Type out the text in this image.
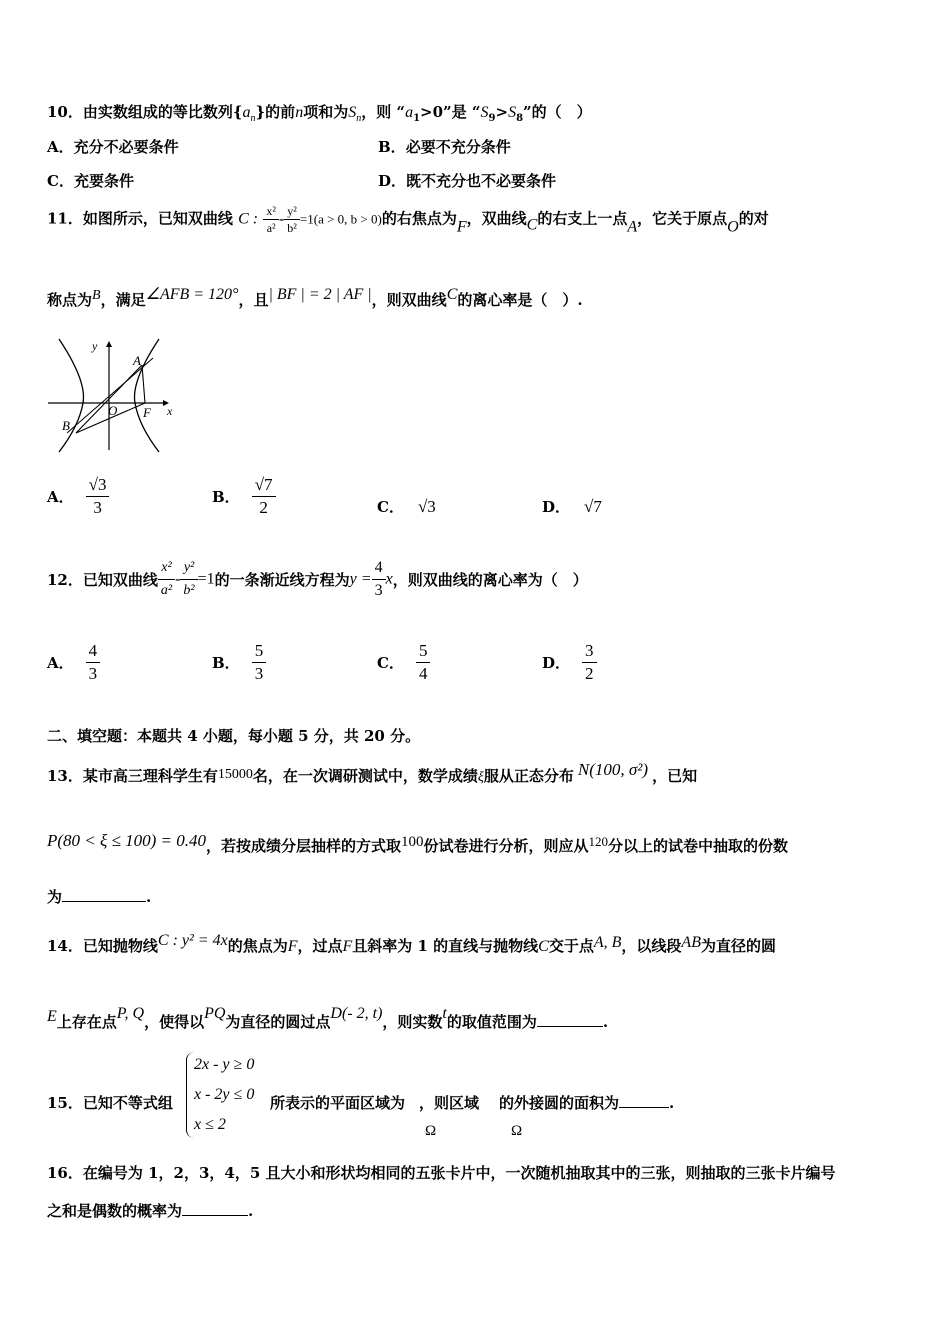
10．由实数组成的等比数列$\{a_n\}$的前n项和为$S_n$，则 “$a_1>0$”是 “$S_9>S_8$”的（　）
A．充分不必要条件	B．必要不充分条件
C．充要条件	D．既不充分也不必要条件
11．如图所示，已知双曲线 C : $\frac{\text{x²}}{\text{a²}} - \frac{\text{y²}}{\text{b²}} =1(a > 0$, b > 0)的右焦点为F，双曲线C的右支上一点A，它关于原点O的对
称点为B，满足∠AFB = 120°，且| BF | = 2 | AF |，则双曲线C的离心率是（　）.
y
x
A
O F
B
A． $\frac{√3}{3}$	B． $\frac{√7}{2}$	C． √3	D． √7
12．已知双曲线 $\frac{\text{x²}}{\text{a²}} - \frac{\text{y²}}{\text{b²}} =1$的一条渐近线方程为$y = \frac{4}{3}$ x，则双曲线的离心率为（　）
A． $\frac{4}{3}$	B． $\frac{5}{3}$	C． $\frac{5}{4}$	D． $\frac{3}{2}$
二、填空题：本题共 4 小题，每小题 5 分，共 20 分。
13．某市高三理科学生有15000名，在一次调研测试中，数学成绩ξ服从正态分布 N(100, σ²) ，已知
P(80 < ξ ≤ 100) = 0.40，若按成绩分层抽样的方式取100份试卷进行分析，则应从120分以上的试卷中抽取的份数
为	.
14．已知抛物线C : y² = 4x的焦点为F，过点F且斜率为 1 的直线与抛物线C交于点A, B，以线段AB为直径的圆
E上存在点P, Q，使得以PQ为直径的圆过点D(- 2, t)，则实数t的取值范围为	.
15．已知不等式组
2x - y ≥ 0
x - 2y ≤ 0
x ≤ 2
所表示的平面区域为 ，则区域 的外接圆的面积为	.
Ω	Ω
16．在编号为 1，2，3，4，5 且大小和形状均相同的五张卡片中，一次随机抽取其中的三张，则抽取的三张卡片编号
之和是偶数的概率为	.
